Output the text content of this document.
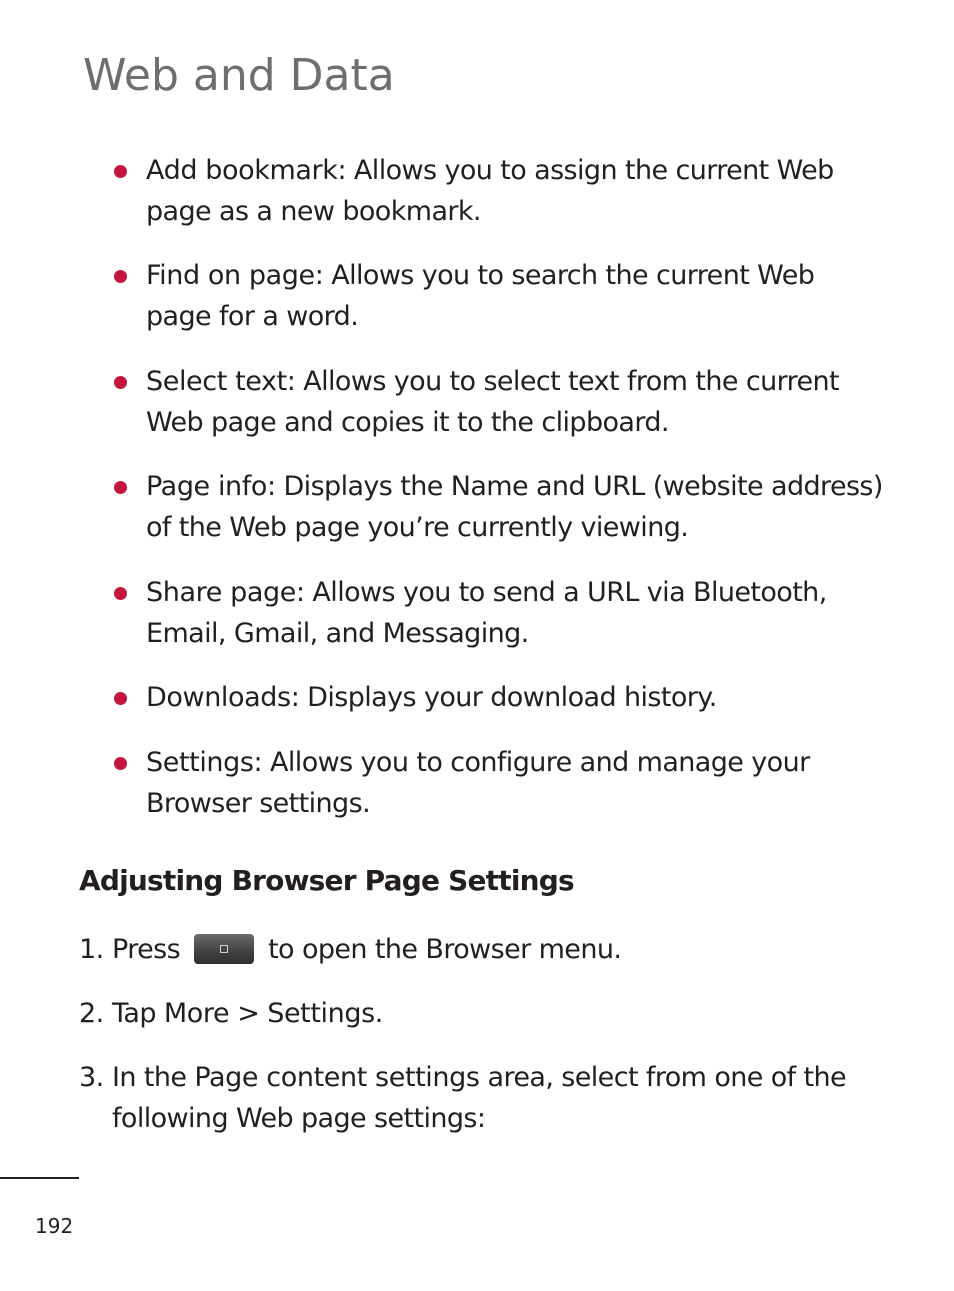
Web and Data
Add bookmark: Allows you to assign the current Web page as a new bookmark.
Find on page: Allows you to search the current Web page for a word.
Select text: Allows you to select text from the current Web page and copies it to the clipboard.
Page info: Displays the Name and URL (website address) of the Web page you’re currently viewing.
Share page: Allows you to send a URL via Bluetooth, Email, Gmail, and Messaging.
Downloads: Displays your download history.
Settings: Allows you to configure and manage your Browser settings.
Adjusting Browser Page Settings
1. Press	to open the Browser menu.
2. Tap More > Settings.
3. In the Page content settings area, select from one of the following Web page settings:
192
